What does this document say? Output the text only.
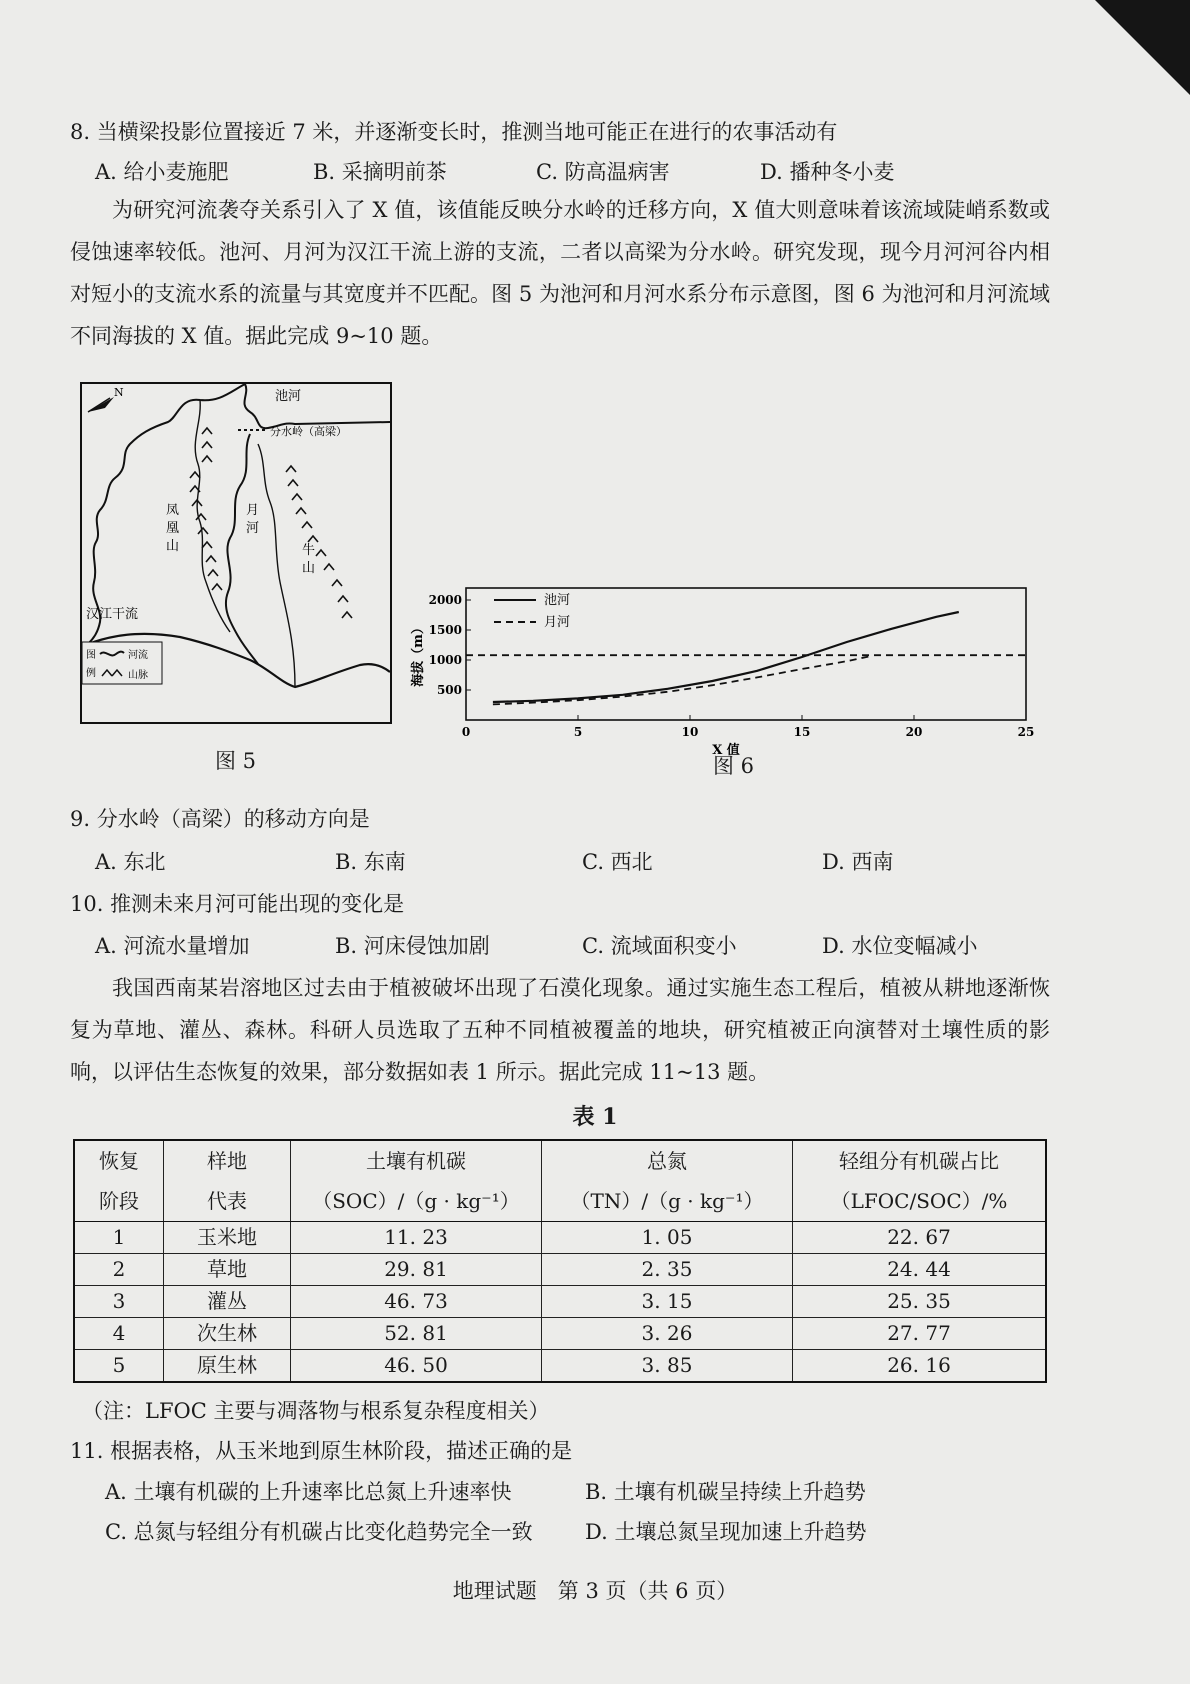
8. 当横梁投影位置接近 7 米，并逐渐变长时，推测当地可能正在进行的农事活动有
A. 给小麦施肥	B. 采摘明前茶	C. 防高温病害	D. 播种冬小麦
为研究河流袭夺关系引入了 X 值，该值能反映分水岭的迁移方向，X 值大则意味着该流域陡峭系数或侵蚀速率较低。池河、月河为汉江干流上游的支流，二者以高梁为分水岭。研究发现，现今月河河谷内相对短小的支流水系的流量与其宽度并不匹配。图 5 为池河和月河水系分布示意图，图 6 为池河和月河流域不同海拔的 X 值。据此完成 9~10 题。
N
分水岭（高梁）
池河
凤凰山
月河
牛山
汉江干流
图例
河流
山脉
图 5
0	5	10	15	20	25
500
1000
1500
2000
X 值
海拔（m）
池河
月河
图 6
9. 分水岭（高梁）的移动方向是
A. 东北	B. 东南	C. 西北	D. 西南
10. 推测未来月河可能出现的变化是
A. 河流水量增加	B. 河床侵蚀加剧	C. 流域面积变小	D. 水位变幅减小
我国西南某岩溶地区过去由于植被破坏出现了石漠化现象。通过实施生态工程后，植被从耕地逐渐恢复为草地、灌丛、森林。科研人员选取了五种不同植被覆盖的地块，研究植被正向演替对土壤性质的影响，以评估生态恢复的效果，部分数据如表 1 所示。据此完成 11~13 题。
表 1
恢复	样地	土壤有机碳	总氮	轻组分有机碳占比
阶段	代表	（SOC）/（g · kg⁻¹）	（TN）/（g · kg⁻¹）	（LFOC/SOC）/%
1	玉米地	11. 23	1. 05	22. 67
2	草地	29. 81	2. 35	24. 44
3	灌丛	46. 73	3. 15	25. 35
4	次生林	52. 81	3. 26	27. 77
5	原生林	46. 50	3. 85	26. 16
（注：LFOC 主要与凋落物与根系复杂程度相关）
11. 根据表格，从玉米地到原生林阶段，描述正确的是
A. 土壤有机碳的上升速率比总氮上升速率快	B. 土壤有机碳呈持续上升趋势
C. 总氮与轻组分有机碳占比变化趋势完全一致 D. 土壤总氮呈现加速上升趋势
地理试题　第 3 页（共 6 页）
